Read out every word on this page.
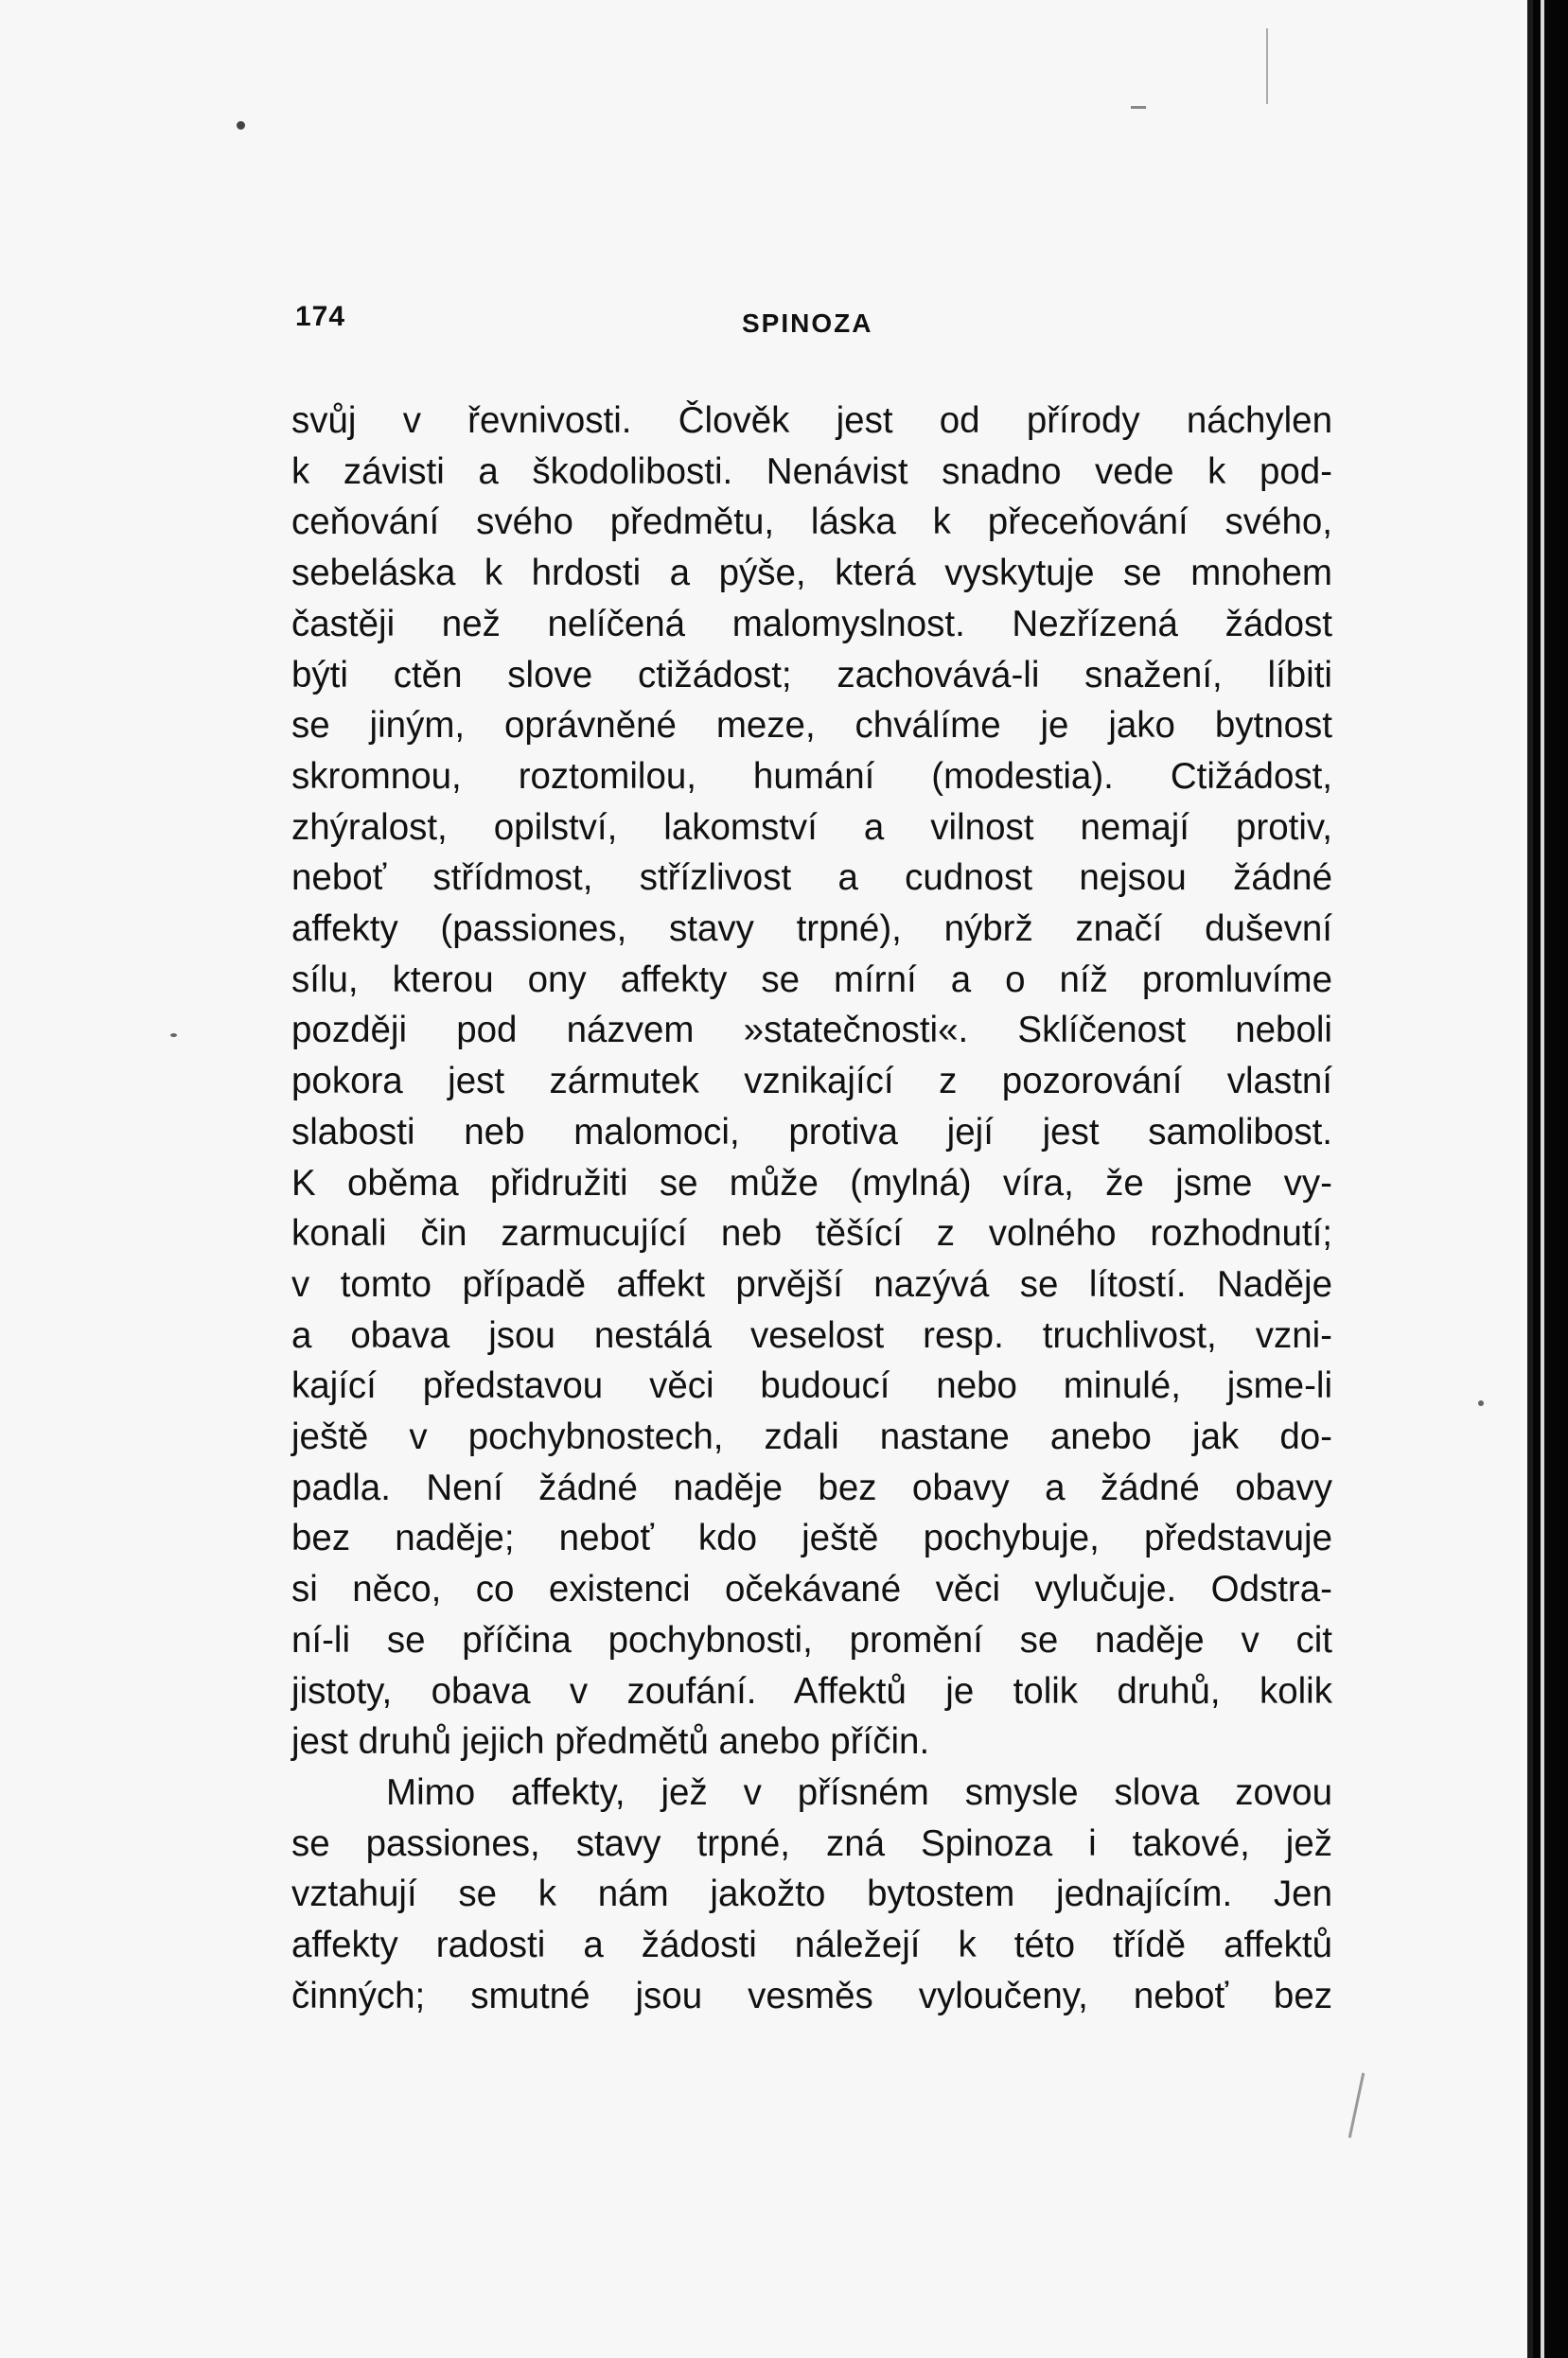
174	SPINOZA
svůj v řevnivosti. Člověk jest od přírody náchylen
k závisti a škodolibosti. Nenávist snadno vede k pod-
ceňování svého předmětu, láska k přeceňování svého,
sebeláska k hrdosti a pýše, která vyskytuje se mnohem
častěji než nelíčená malomyslnost. Nezřízená žádost
býti ctěn slove ctižádost; zachovává-li snažení, líbiti
se jiným, oprávněné meze, chválíme je jako bytnost
skromnou, roztomilou, humání (modestia). Ctižádost,
zhýralost, opilství, lakomství a vilnost nemají protiv,
neboť střídmost, střízlivost a cudnost nejsou žádné
affekty (passiones, stavy trpné), nýbrž značí duševní
sílu, kterou ony affekty se mírní a o níž promluvíme
později pod názvem »statečnosti«. Sklíčenost neboli
pokora jest zármutek vznikající z pozorování vlastní
slabosti neb malomoci, protiva její jest samolibost.
K oběma přidružiti se může (mylná) víra, že jsme vy-
konali čin zarmucující neb těšící z volného rozhodnutí;
v tomto případě affekt prvější nazývá se lítostí. Naděje
a obava jsou nestálá veselost resp. truchlivost, vzni-
kající představou věci budoucí nebo minulé, jsme-li
ještě v pochybnostech, zdali nastane anebo jak do-
padla. Není žádné naděje bez obavy a žádné obavy
bez naděje; neboť kdo ještě pochybuje, představuje
si něco, co existenci očekávané věci vylučuje. Odstra-
ní-li se příčina pochybnosti, promění se naděje v cit
jistoty, obava v zoufání. Affektů je tolik druhů, kolik
jest druhů jejich předmětů anebo příčin.
Mimo affekty, jež v přísném smysle slova zovou
se passiones, stavy trpné, zná Spinoza i takové, jež
vztahují se k nám jakožto bytostem jednajícím. Jen
affekty radosti a žádosti náležejí k této třídě affektů
činných; smutné jsou vesměs vyloučeny, neboť bez
